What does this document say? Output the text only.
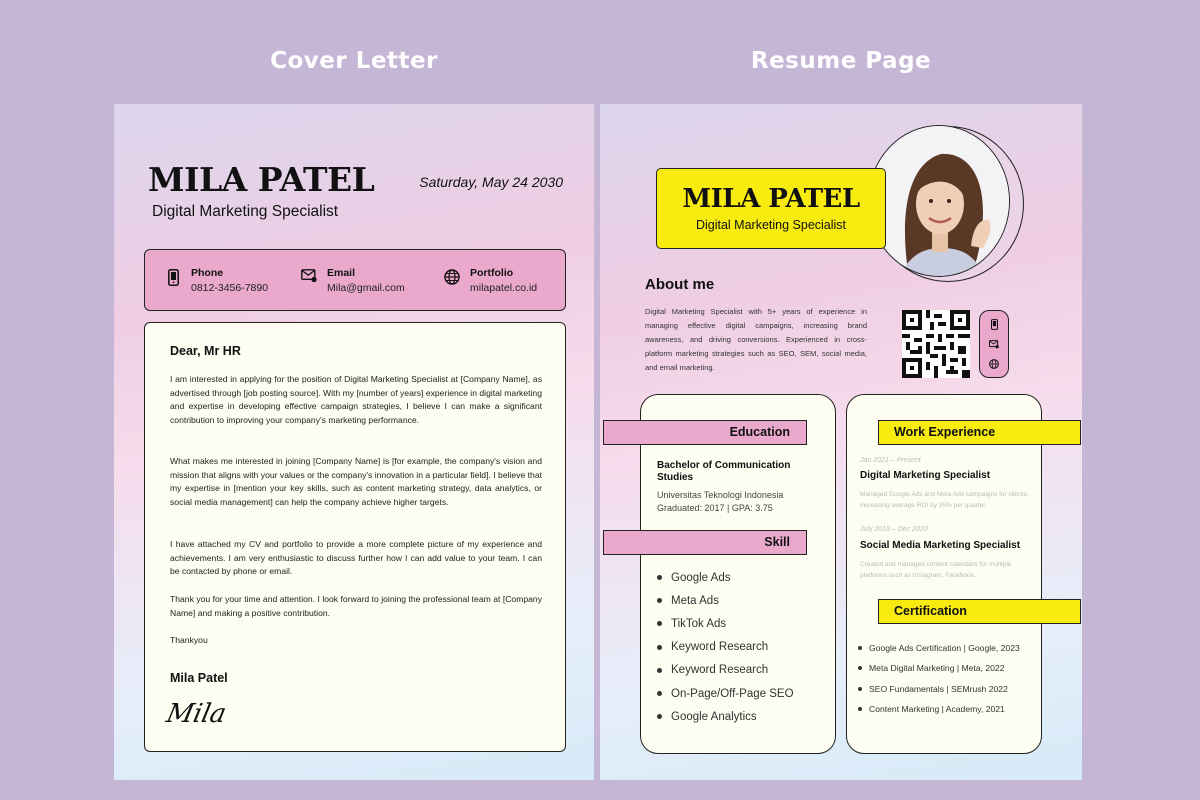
Cover Letter	Resume Page
MILA PATEL
Digital Marketing Specialist
Saturday, May 24 2030
Phone
0812-3456-7890
Email
Mila@gmail.com
Portfolio
milapatel.co.id
Dear, Mr HR

I am interested in applying for the position of Digital Marketing Specialist at [Company Name], as advertised through [job posting source]. With my [number of years] experience in digital marketing and expertise in developing effective campaign strategies, I believe I can make a significant contribution to improving your company's marketing performance.

What makes me interested in joining [Company Name] is [for example, the company's vision and mission that aligns with your values or the company's innovation in a particular field]. I believe that my expertise in [mention your key skills, such as content marketing strategy, data analytics, or social media management] can help the company achieve higher targets.

I have attached my CV and portfolio to provide a more complete picture of my experience and achievements. I am very enthusiastic to discuss further how I can add value to your team. I can be contacted by phone or email.

Thank you for your time and attention. I look forward to joining the professional team at [Company Name] and making a positive contribution.

Thankyou

Mila Patel
Mila
MILA PATEL
Digital Marketing Specialist
About me

Digital Marketing Specialist with 5+ years of experience in managing effective digital campaigns, increasing brand awareness, and driving conversions. Experienced in cross-platform marketing strategies such as SEO, SEM, social media, and email marketing.

Education
Bachelor of Communication Studies
Universitas Teknologi Indonesia
Graduated: 2017 | GPA: 3.75
Skill
Google Ads
Meta Ads
TikTok Ads
Keyword Research
Keyword Research
On-Page/Off-Page SEO
Google Analytics
Work Experience
Jan 2021 – Present
Digital Marketing Specialist
Managed Google Ads and Meta Ads campaigns for clients, increasing average ROI by 35% per quarter.
July 2018 – Dec 2020
Social Media Marketing Specialist
Created and managed content calendars for multiple platforms such as Instagram, Facebook.
Certification
Google Ads Certification | Google, 2023
Meta Digital Marketing | Meta, 2022
SEO Fundamentals | SEMrush 2022
Content Marketing | Academy, 2021
